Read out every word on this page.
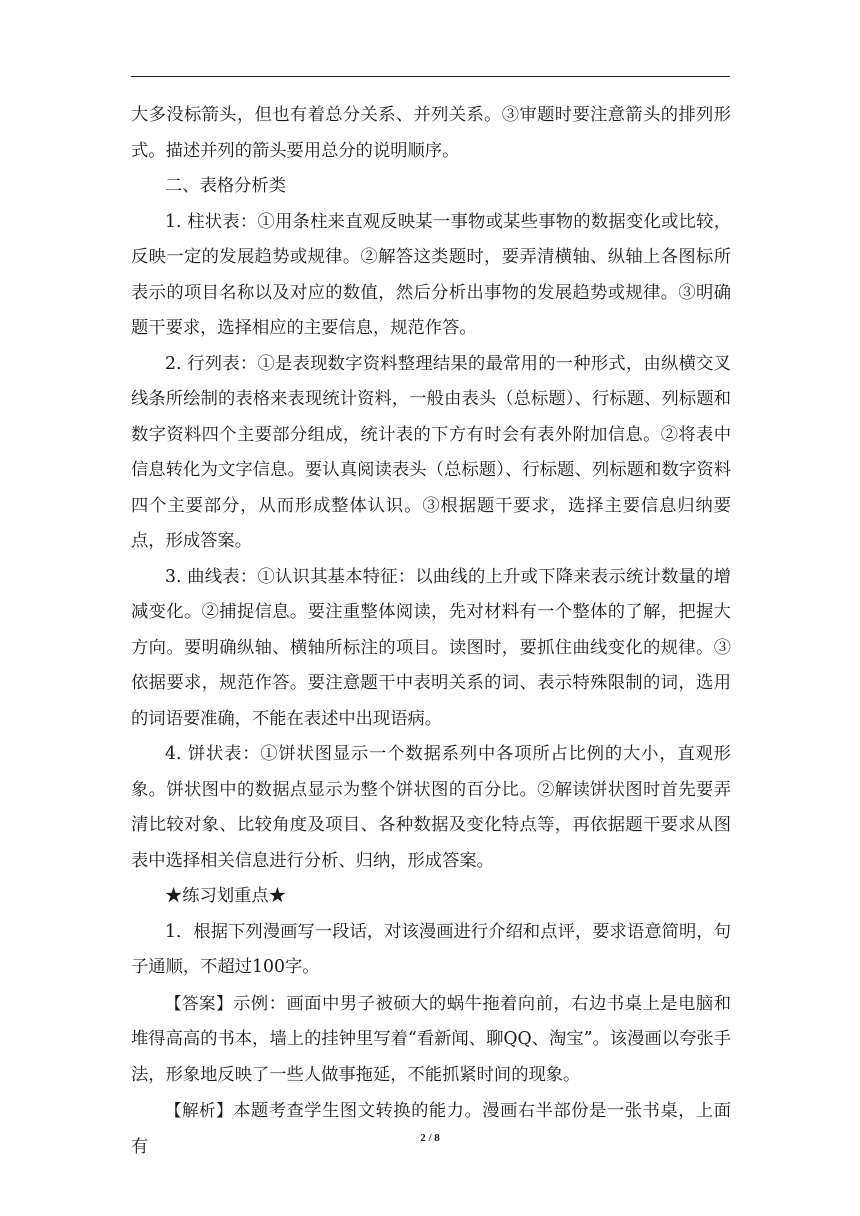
大多没标箭头，但也有着总分关系、并列关系。③审题时要注意箭头的排列形式。描述并列的箭头要用总分的说明顺序。

二、表格分析类

1. 柱状表：①用条柱来直观反映某一事物或某些事物的数据变化或比较，反映一定的发展趋势或规律。②解答这类题时，要弄清横轴、纵轴上各图标所表示的项目名称以及对应的数值，然后分析出事物的发展趋势或规律。③明确题干要求，选择相应的主要信息，规范作答。

2. 行列表：①是表现数字资料整理结果的最常用的一种形式，由纵横交叉线条所绘制的表格来表现统计资料，一般由表头（总标题）、行标题、列标题和数字资料四个主要部分组成，统计表的下方有时会有表外附加信息。②将表中信息转化为文字信息。要认真阅读表头（总标题）、行标题、列标题和数字资料四个主要部分，从而形成整体认识。③根据题干要求，选择主要信息归纳要点，形成答案。

3. 曲线表：①认识其基本特征：以曲线的上升或下降来表示统计数量的增减变化。②捕捉信息。要注重整体阅读，先对材料有一个整体的了解，把握大方向。要明确纵轴、横轴所标注的项目。读图时，要抓住曲线变化的规律。③依据要求，规范作答。要注意题干中表明关系的词、表示特殊限制的词，选用的词语要准确，不能在表述中出现语病。

4. 饼状表：①饼状图显示一个数据系列中各项所占比例的大小，直观形象。饼状图中的数据点显示为整个饼状图的百分比。②解读饼状图时首先要弄清比较对象、比较角度及项目、各种数据及变化特点等，再依据题干要求从图表中选择相关信息进行分析、归纳，形成答案。

★练习划重点★

1．根据下列漫画写一段话，对该漫画进行介绍和点评，要求语意简明，句子通顺，不超过100字。

【答案】示例：画面中男子被硕大的蜗牛拖着向前，右边书桌上是电脑和堆得高高的书本，墙上的挂钟里写着“看新闻、聊QQ、淘宝”。该漫画以夸张手法，形象地反映了一些人做事拖延，不能抓紧时间的现象。

【解析】本题考查学生图文转换的能力。漫画右半部份是一张书桌，上面有	2 / 8
